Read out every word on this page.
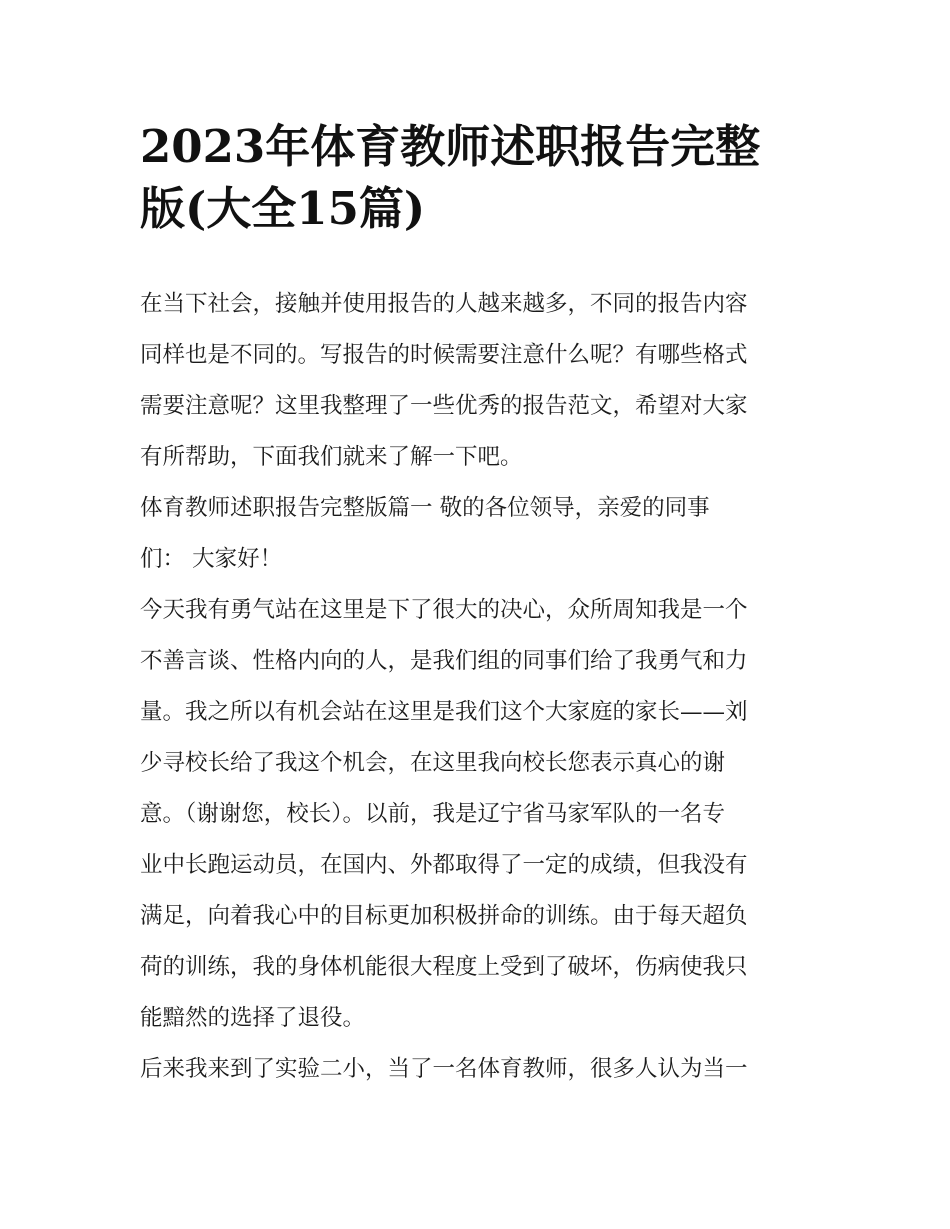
2023年体育教师述职报告完整
版(大全15篇)
在当下社会，接触并使用报告的人越来越多，不同的报告内容
同样也是不同的。写报告的时候需要注意什么呢？有哪些格式
需要注意呢？这里我整理了一些优秀的报告范文，希望对大家
有所帮助，下面我们就来了解一下吧。
体育教师述职报告完整版篇一 敬的各位领导，亲爱的同事
们： 大家好！
今天我有勇气站在这里是下了很大的决心，众所周知我是一个
不善言谈、性格内向的人，是我们组的同事们给了我勇气和力
量。我之所以有机会站在这里是我们这个大家庭的家长——刘
少寻校长给了我这个机会，在这里我向校长您表示真心的谢
意。（谢谢您，校长）。以前，我是辽宁省马家军队的一名专
业中长跑运动员，在国内、外都取得了一定的成绩，但我没有
满足，向着我心中的目标更加积极拼命的训练。由于每天超负
荷的训练，我的身体机能很大程度上受到了破坏，伤病使我只
能黯然的选择了退役。
后来我来到了实验二小，当了一名体育教师，很多人认为当一
